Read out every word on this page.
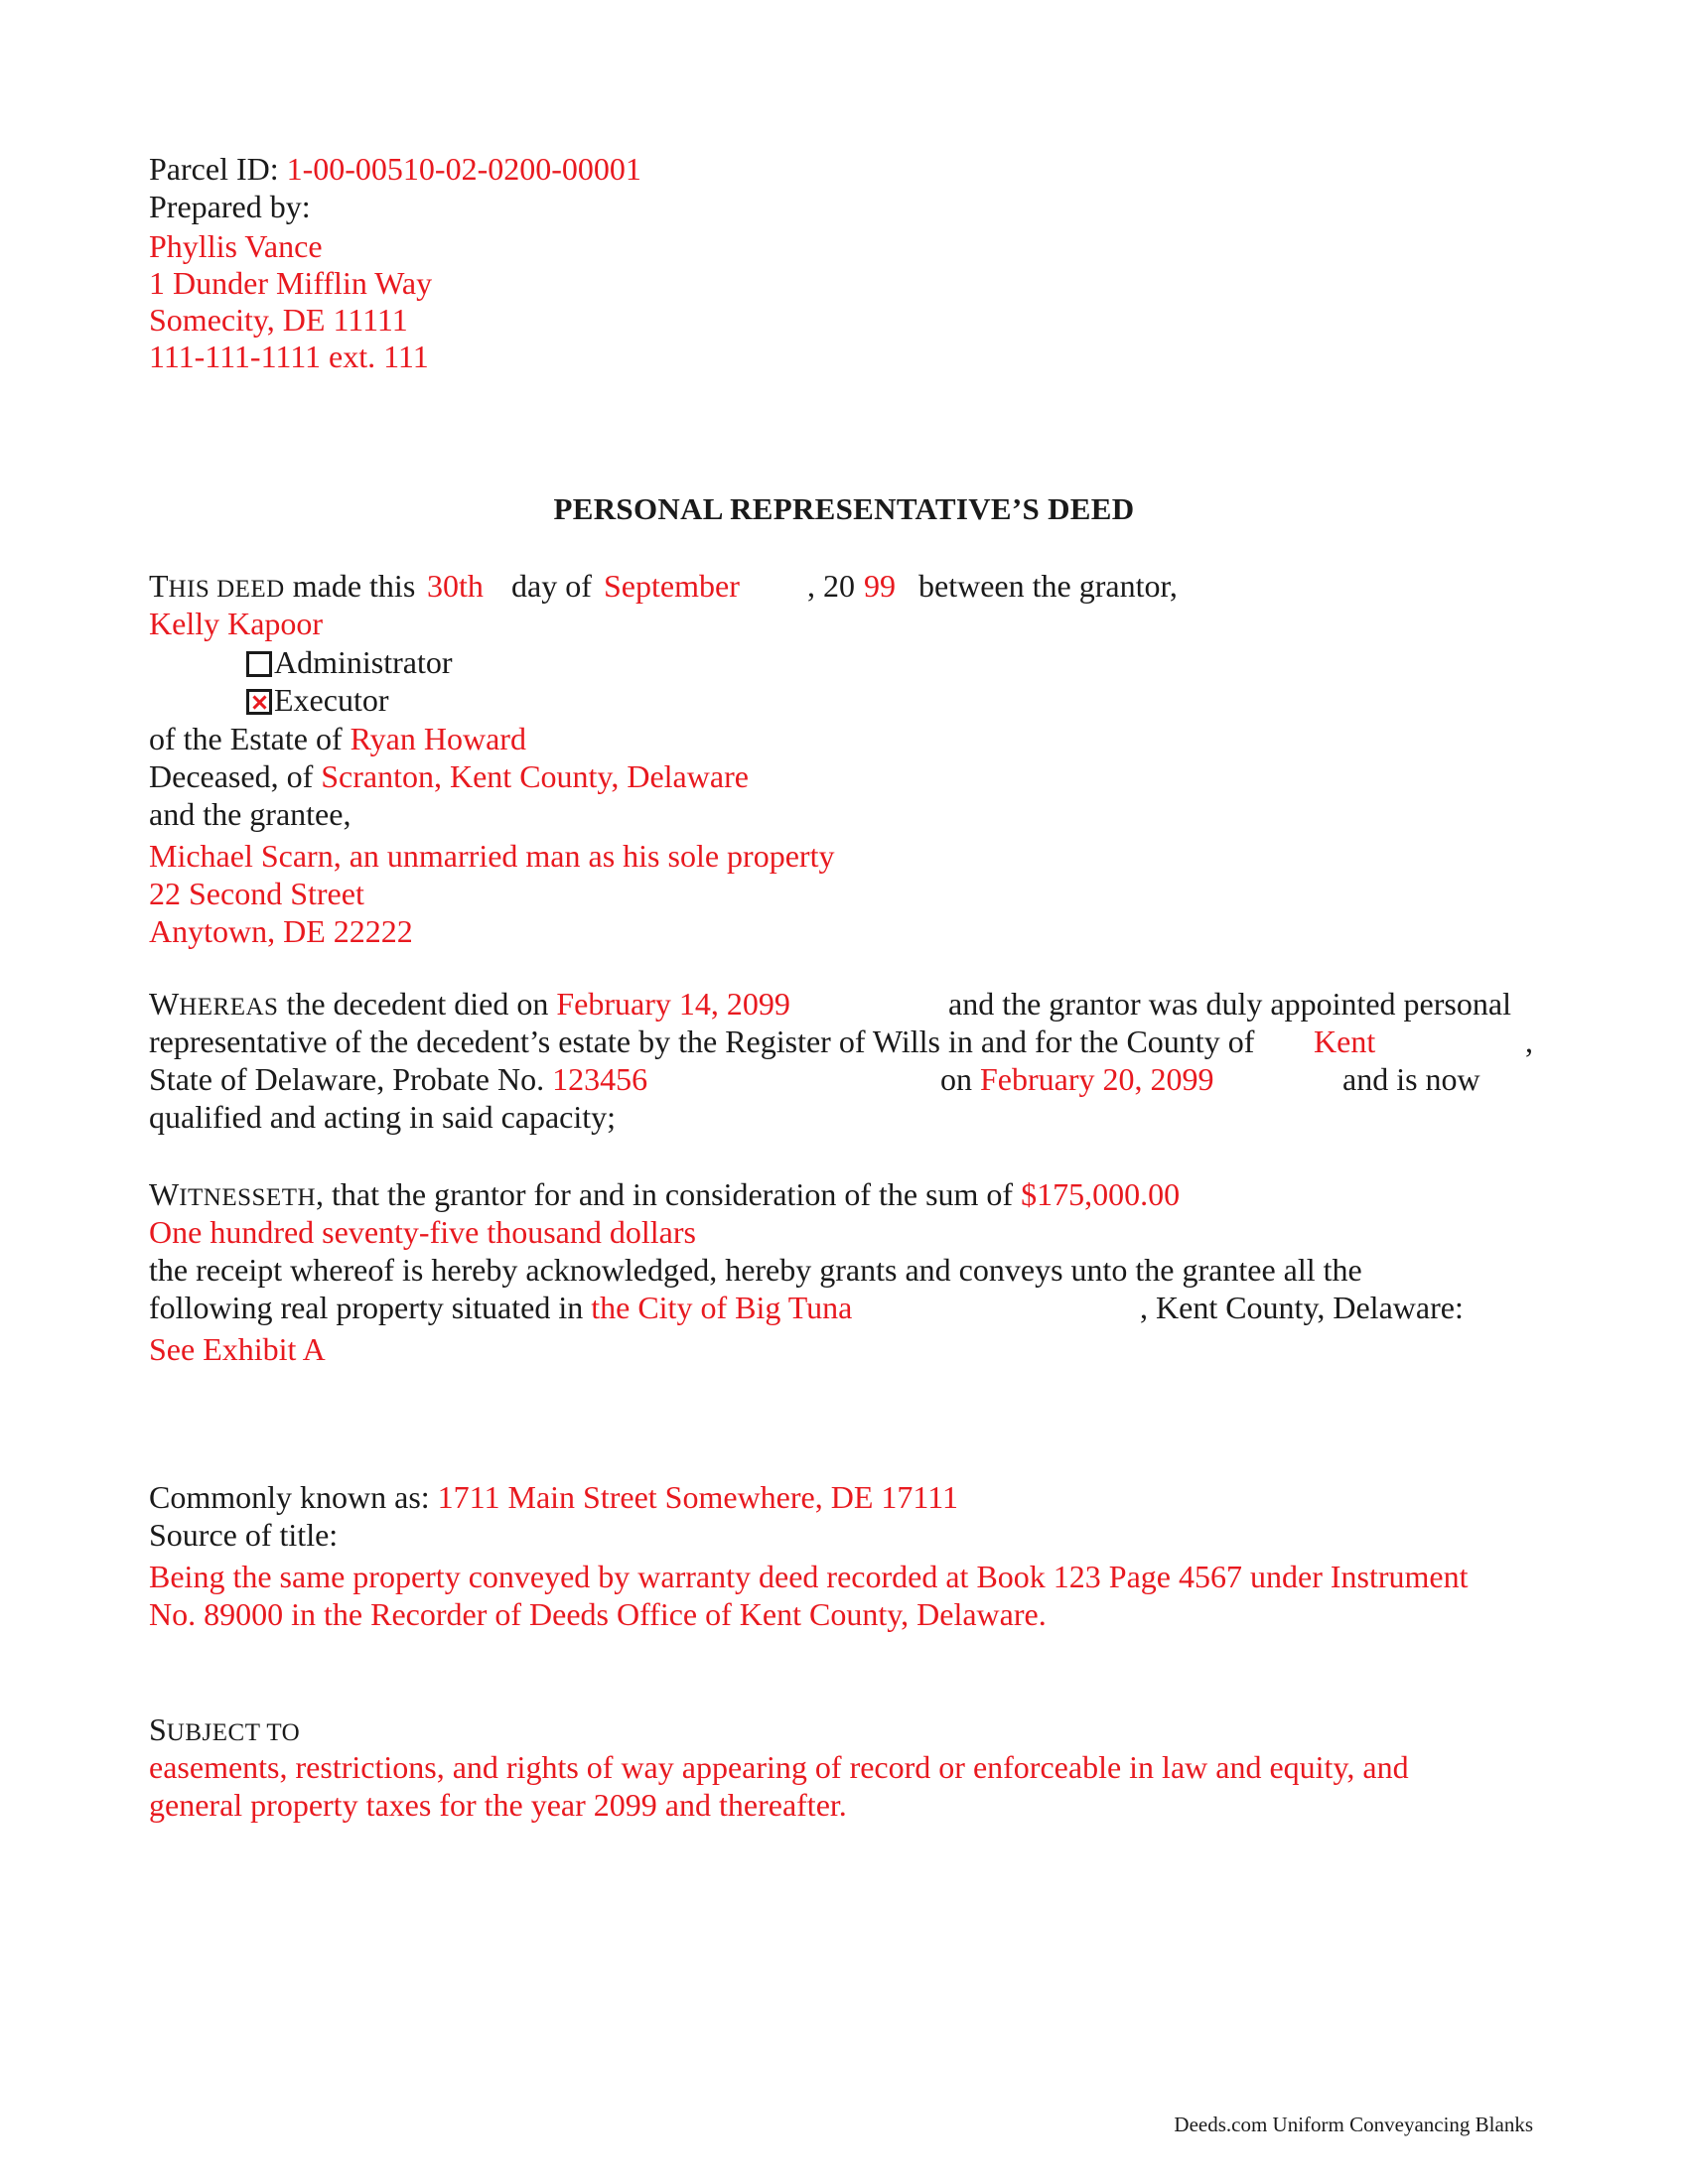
Parcel ID: 1-00-00510-02-0200-00001
Prepared by:
Phyllis Vance
1 Dunder Mifflin Way
Somecity, DE 11111
111-111-1111 ext. 111
PERSONAL REPRESENTATIVE’S DEED
THIS DEED made this 30th day of September , 20 99 between the grantor,
Kelly Kapoor
Administrator
Executor
of the Estate of Ryan Howard
Deceased, of Scranton, Kent County, Delaware
and the grantee,
Michael Scarn, an unmarried man as his sole property
22 Second Street
Anytown, DE 22222
WHEREAS the decedent died on February 14, 2099	and the grantor was duly appointed personal
representative of the decedent’s estate by the Register of Wills in and for the County of Kent	,
State of Delaware, Probate No. 123456	on February 20, 2099	and is now
qualified and acting in said capacity;
WITNESSETH, that the grantor for and in consideration of the sum of $175,000.00
One hundred seventy-five thousand dollars
the receipt whereof is hereby acknowledged, hereby grants and conveys unto the grantee all the
following real property situated in the City of Big Tuna	, Kent County, Delaware:
See Exhibit A
Commonly known as: 1711 Main Street Somewhere, DE 17111
Source of title:
Being the same property conveyed by warranty deed recorded at Book 123 Page 4567 under Instrument
No. 89000 in the Recorder of Deeds Office of Kent County, Delaware.
SUBJECT TO
easements, restrictions, and rights of way appearing of record or enforceable in law and equity, and
general property taxes for the year 2099 and thereafter.
Deeds.com Uniform Conveyancing Blanks
